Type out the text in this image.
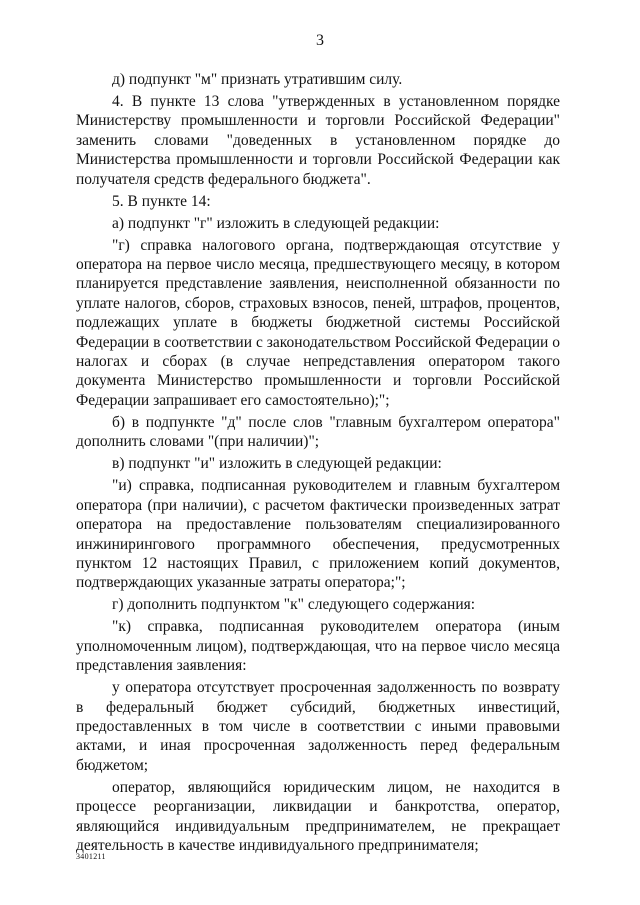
3

д) подпункт "м" признать утратившим силу.

4. В пункте 13 слова "утвержденных в установленном порядке Министерству промышленности и торговли Российской Федерации" заменить словами "доведенных в установленном порядке до Министерства промышленности и торговли Российской Федерации как получателя средств федерального бюджета".

5. В пункте 14:

а) подпункт "г" изложить в следующей редакции:

"г) справка налогового органа, подтверждающая отсутствие у оператора на первое число месяца, предшествующего месяцу, в котором планируется представление заявления, неисполненной обязанности по уплате налогов, сборов, страховых взносов, пеней, штрафов, процентов, подлежащих уплате в бюджеты бюджетной системы Российской Федерации в соответствии с законодательством Российской Федерации о налогах и сборах (в случае непредставления оператором такого документа Министерство промышленности и торговли Российской Федерации запрашивает его самостоятельно);";

б) в подпункте "д" после слов "главным бухгалтером оператора" дополнить словами "(при наличии)";

в) подпункт "и" изложить в следующей редакции:

"и) справка, подписанная руководителем и главным бухгалтером оператора (при наличии), с расчетом фактически произведенных затрат оператора на предоставление пользователям специализированного инжинирингового программного обеспечения, предусмотренных пунктом 12 настоящих Правил, с приложением копий документов, подтверждающих указанные затраты оператора;";

г) дополнить подпунктом "к" следующего содержания:

"к) справка, подписанная руководителем оператора (иным уполномоченным лицом), подтверждающая, что на первое число месяца представления заявления:

у оператора отсутствует просроченная задолженность по возврату в федеральный бюджет субсидий, бюджетных инвестиций, предоставленных в том числе в соответствии с иными правовыми актами, и иная просроченная задолженность перед федеральным бюджетом;

оператор, являющийся юридическим лицом, не находится в процессе реорганизации, ликвидации и банкротства, оператор, являющийся индивидуальным предпринимателем, не прекращает деятельность в качестве индивидуального предпринимателя;

3401211
